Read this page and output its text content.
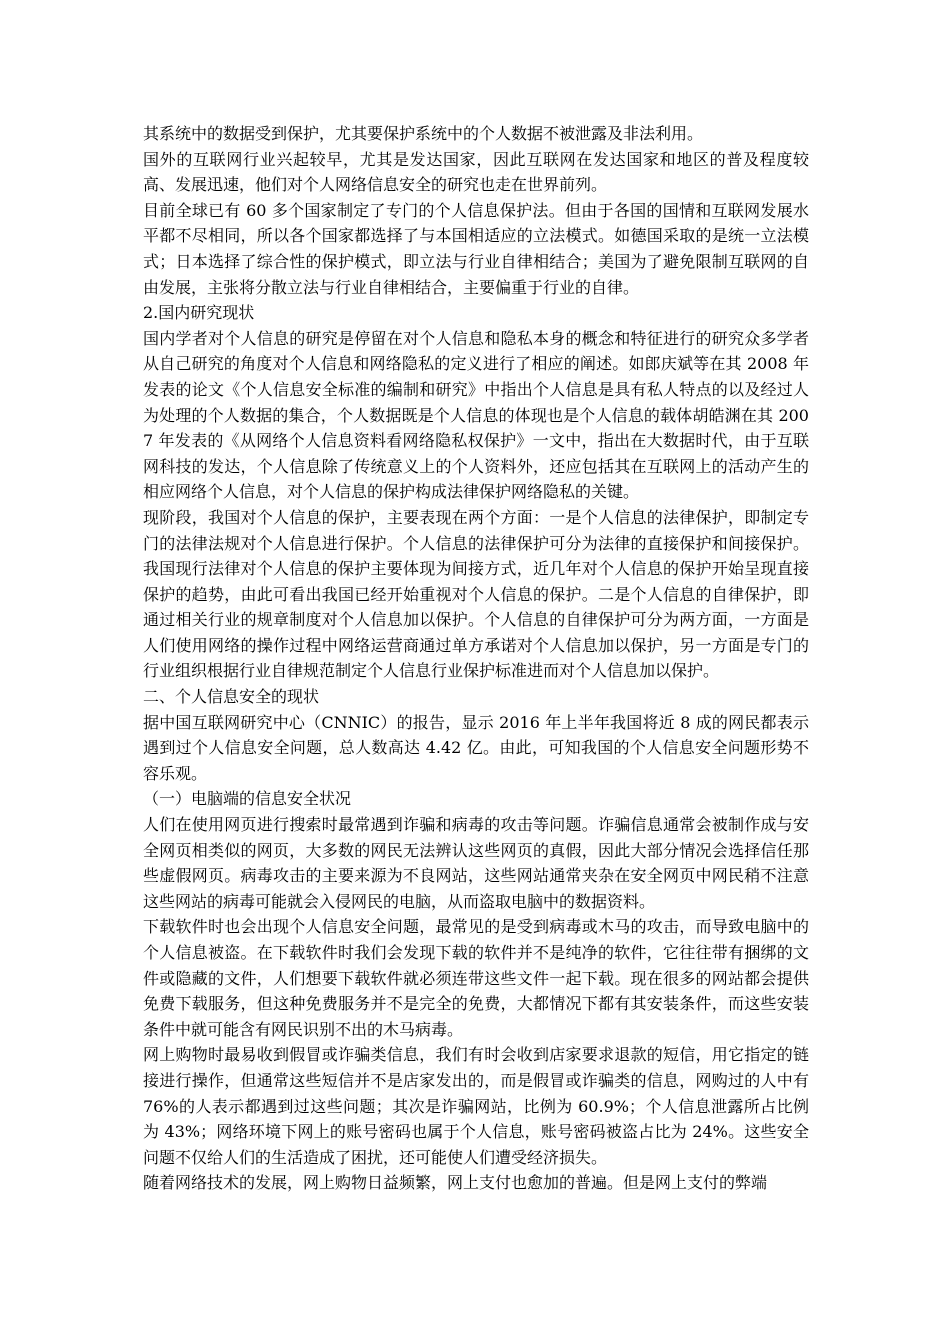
其系统中的数据受到保护，尤其要保护系统中的个人数据不被泄露及非法利用。

国外的互联网行业兴起较早，尤其是发达国家，因此互联网在发达国家和地区的普及程度较高、发展迅速，他们对个人网络信息安全的研究也走在世界前列。

目前全球已有 60 多个国家制定了专门的个人信息保护法。但由于各国的国情和互联网发展水平都不尽相同，所以各个国家都选择了与本国相适应的立法模式。如德国采取的是统一立法模式；日本选择了综合性的保护模式，即立法与行业自律相结合；美国为了避免限制互联网的自由发展，主张将分散立法与行业自律相结合，主要偏重于行业的自律。

2.国内研究现状

国内学者对个人信息的研究是停留在对个人信息和隐私本身的概念和特征进行的研究众多学者从自己研究的角度对个人信息和网络隐私的定义进行了相应的阐述。如郎庆斌等在其 2008 年发表的论文《个人信息安全标准的编制和研究》中指出个人信息是具有私人特点的以及经过人为处理的个人数据的集合，个人数据既是个人信息的体现也是个人信息的载体胡皓渊在其 2007 年发表的《从网络个人信息资料看网络隐私权保护》一文中，指出在大数据时代，由于互联网科技的发达，个人信息除了传统意义上的个人资料外，还应包括其在互联网上的活动产生的相应网络个人信息，对个人信息的保护构成法律保护网络隐私的关键。

现阶段，我国对个人信息的保护，主要表现在两个方面：一是个人信息的法律保护，即制定专门的法律法规对个人信息进行保护。个人信息的法律保护可分为法律的直接保护和间接保护。我国现行法律对个人信息的保护主要体现为间接方式，近几年对个人信息的保护开始呈现直接保护的趋势，由此可看出我国已经开始重视对个人信息的保护。二是个人信息的自律保护，即通过相关行业的规章制度对个人信息加以保护。个人信息的自律保护可分为两方面，一方面是人们使用网络的操作过程中网络运营商通过单方承诺对个人信息加以保护，另一方面是专门的行业组织根据行业自律规范制定个人信息行业保护标准进而对个人信息加以保护。

二、个人信息安全的现状

据中国互联网研究中心（CNNIC）的报告，显示 2016 年上半年我国将近 8 成的网民都表示遇到过个人信息安全问题，总人数高达 4.42 亿。由此，可知我国的个人信息安全问题形势不容乐观。

（一）电脑端的信息安全状况

人们在使用网页进行搜索时最常遇到诈骗和病毒的攻击等问题。诈骗信息通常会被制作成与安全网页相类似的网页，大多数的网民无法辨认这些网页的真假，因此大部分情况会选择信任那些虚假网页。病毒攻击的主要来源为不良网站，这些网站通常夹杂在安全网页中网民稍不注意这些网站的病毒可能就会入侵网民的电脑，从而盗取电脑中的数据资料。

下载软件时也会出现个人信息安全问题，最常见的是受到病毒或木马的攻击，而导致电脑中的个人信息被盗。在下载软件时我们会发现下载的软件并不是纯净的软件，它往往带有捆绑的文件或隐藏的文件，人们想要下载软件就必须连带这些文件一起下载。现在很多的网站都会提供免费下载服务，但这种免费服务并不是完全的免费，大都情况下都有其安装条件，而这些安装条件中就可能含有网民识别不出的木马病毒。

网上购物时最易收到假冒或诈骗类信息，我们有时会收到店家要求退款的短信，用它指定的链接进行操作，但通常这些短信并不是店家发出的，而是假冒或诈骗类的信息，网购过的人中有 76%的人表示都遇到过这些问题；其次是诈骗网站，比例为 60.9%；个人信息泄露所占比例为 43%；网络环境下网上的账号密码也属于个人信息，账号密码被盗占比为 24%。这些安全问题不仅给人们的生活造成了困扰，还可能使人们遭受经济损失。

随着网络技术的发展，网上购物日益频繁，网上支付也愈加的普遍。但是网上支付的弊端
